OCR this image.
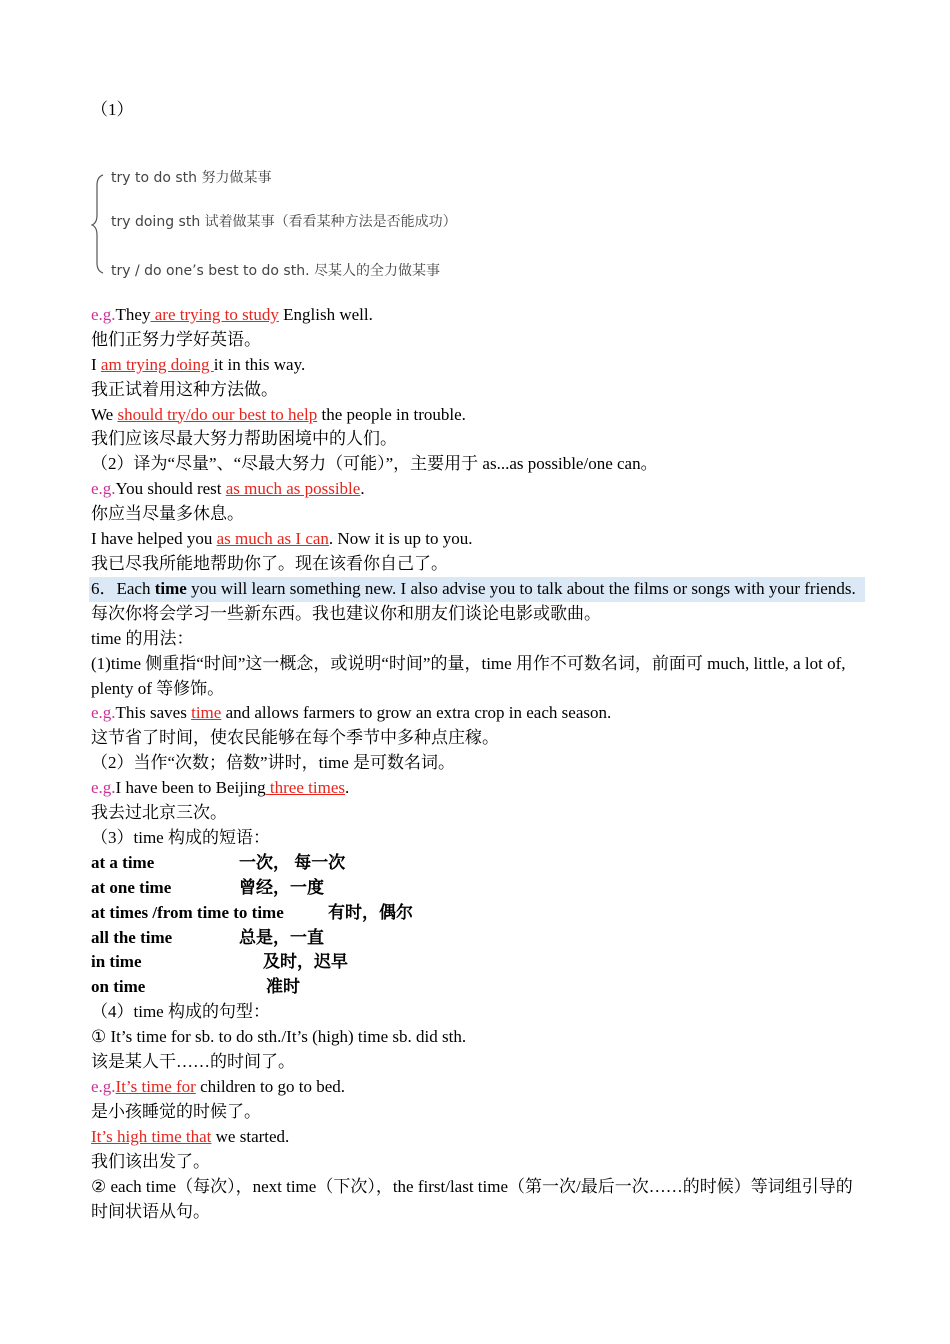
（1）
try to do sth 努力做某事
try doing sth 试着做某事（看看某种方法是否能成功）
try / do one’s best to do sth. 尽某人的全力做某事
e.g.They are trying to study English well.
他们正努力学好英语。
I am trying doing it in this way.
我正试着用这种方法做。
We should try/do our best to help the people in trouble.
我们应该尽最大努力帮助困境中的人们。
（2）译为“尽量”、“尽最大努力（可能）”，主要用于 as...as possible/one can。
e.g.You should rest as much as possible.
你应当尽量多休息。
I have helped you as much as I can. Now it is up to you.
我已尽我所能地帮助你了。现在该看你自己了。
6．Each time you will learn something new. I also advise you to talk about the films or songs with your friends.
每次你将会学习一些新东西。我也建议你和朋友们谈论电影或歌曲。
time 的用法：
(1)time 侧重指“时间”这一概念，或说明“时间”的量，time 用作不可数名词，前面可 much, little, a lot of, plenty of 等修饰。
e.g.This saves time and allows farmers to grow an extra crop in each season.
这节省了时间，使农民能够在每个季节中多种点庄稼。
（2）当作“次数；倍数”讲时，time 是可数名词。
e.g.I have been to Beijing three times.
我去过北京三次。
（3）time 构成的短语：
at a time	一次， 每一次
at one time	曾经，一度
at times /from time to time	有时，偶尔
all the time	总是，一直
in time	及时，迟早
on time	准时
（4）time 构成的句型：
① It’s time for sb. to do sth./It’s (high) time sb. did sth.
该是某人干……的时间了。
e.g.It’s time for children to go to bed.
是小孩睡觉的时候了。
It’s high time that we started.
我们该出发了。
② each time（每次），next time（下次），the first/last time（第一次/最后一次……的时候）等词组引导的时间状语从句。
